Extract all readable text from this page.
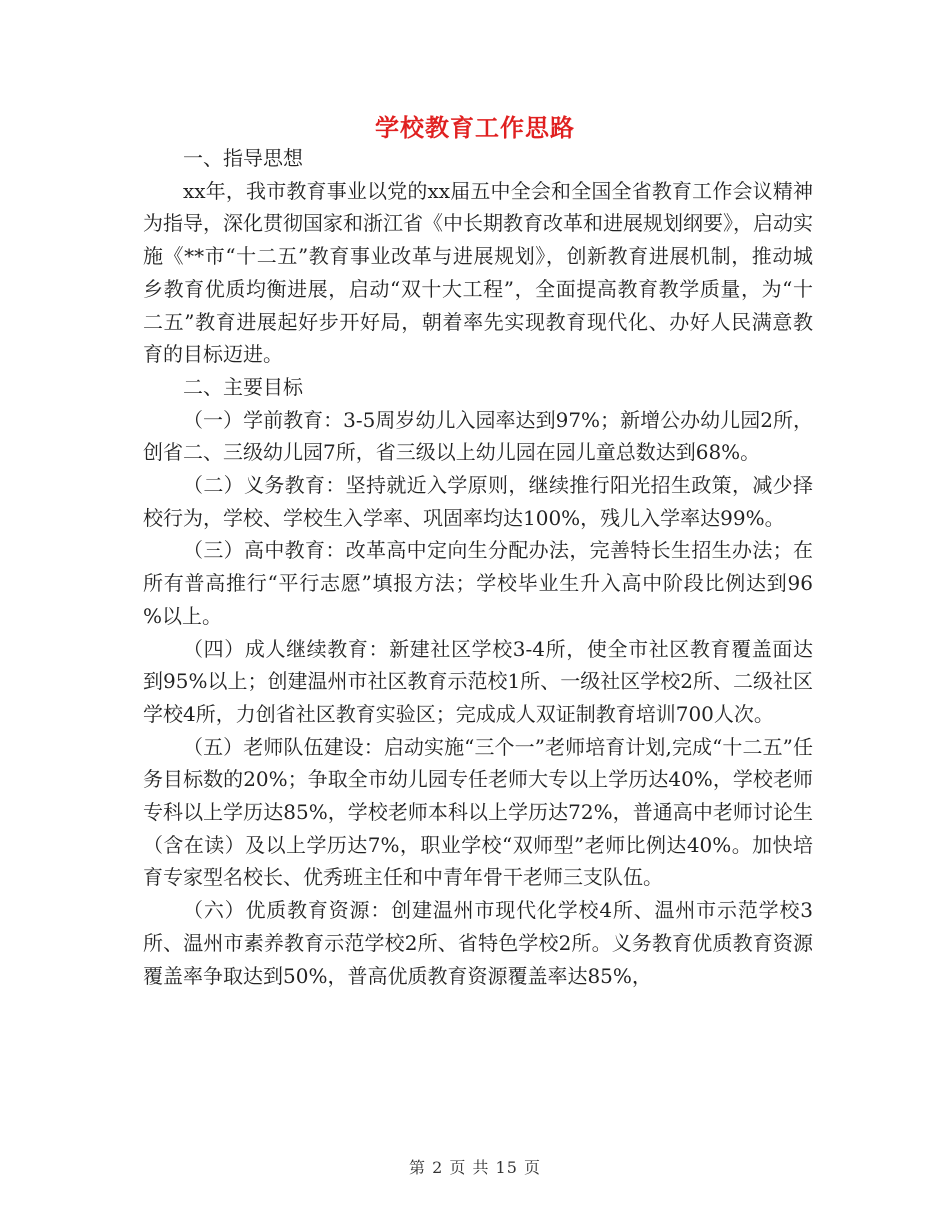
学校教育工作思路

一、指导思想

xx年，我市教育事业以党的xx届五中全会和全国全省教育工作会议精神为指导，深化贯彻国家和浙江省《中长期教育改革和进展规划纲要》，启动实施《**市“十二五”教育事业改革与进展规划》，创新教育进展机制，推动城乡教育优质均衡进展，启动“双十大工程”，全面提高教育教学质量，为“十二五”教育进展起好步开好局，朝着率先实现教育现代化、办好人民满意教育的目标迈进。

二、主要目标

（一）学前教育：3-5周岁幼儿入园率达到97%；新增公办幼儿园2所，创省二、三级幼儿园7所，省三级以上幼儿园在园儿童总数达到68%。

（二）义务教育：坚持就近入学原则，继续推行阳光招生政策，减少择校行为，学校、学校生入学率、巩固率均达100%，残儿入学率达99%。

（三）高中教育：改革高中定向生分配办法，完善特长生招生办法；在所有普高推行“平行志愿”填报方法；学校毕业生升入高中阶段比例达到96 %以上。

（四）成人继续教育：新建社区学校3-4所，使全市社区教育覆盖面达到95%以上；创建温州市社区教育示范校1所、一级社区学校2所、二级社区学校4所，力创省社区教育实验区；完成成人双证制教育培训700人次。

（五）老师队伍建设：启动实施“三个一”老师培育计划,完成“十二五”任务目标数的20%；争取全市幼儿园专任老师大专以上学历达40%，学校老师专科以上学历达85%，学校老师本科以上学历达72%，普通高中老师讨论生（含在读）及以上学历达7%，职业学校“双师型”老师比例达40%。加快培育专家型名校长、优秀班主任和中青年骨干老师三支队伍。

（六）优质教育资源：创建温州市现代化学校4所、温州市示范学校3所、温州市素养教育示范学校2所、省特色学校2所。义务教育优质教育资源覆盖率争取达到50%，普高优质教育资源覆盖率达85%，

第 2 页 共 15 页
